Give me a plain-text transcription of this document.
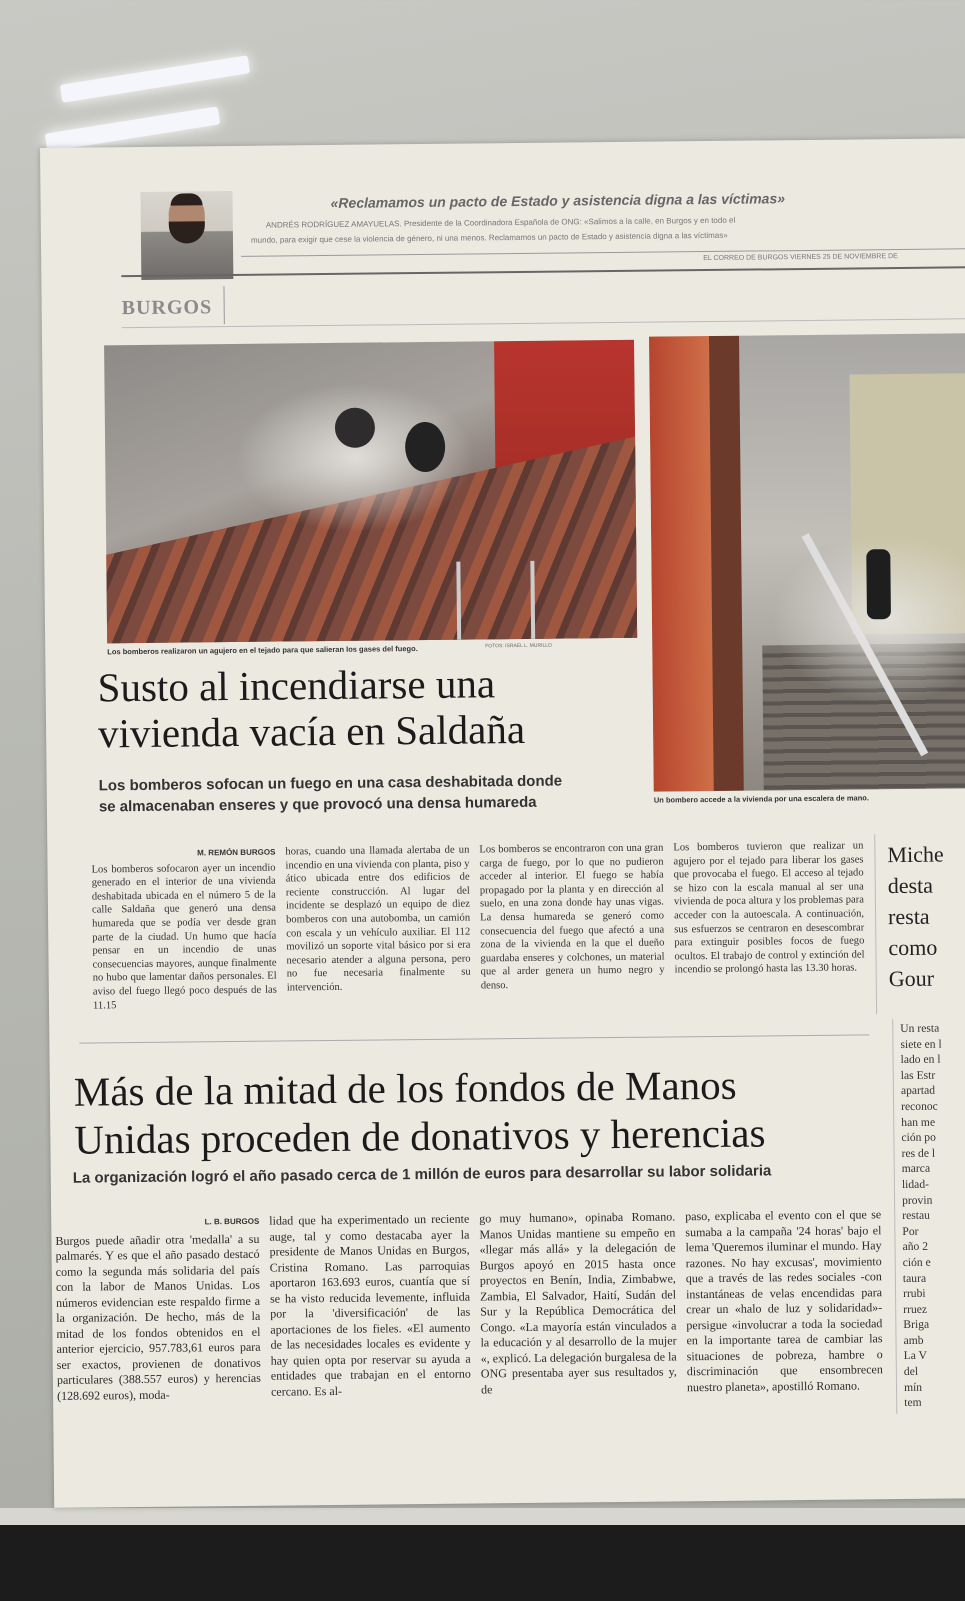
«Reclamamos un pacto de Estado y asistencia digna a las víctimas»
ANDRÉS RODRÍGUEZ AMAYUELAS. Presidente de la Coordinadora Española de ONG: «Salimos a la calle, en Burgos y en todo el
mundo, para exigir que cese la violencia de género, ni una menos. Reclamamos un pacto de Estado y asistencia digna a las víctimas»
EL CORREO DE BURGOS VIERNES 25 DE NOVIEMBRE DE
BURGOS
Los bomberos realizaron un agujero en el tejado para que salieran los gases del fuego.	FOTOS: ISRAEL L. MURILLO
Un bombero accede a la vivienda por una escalera de mano.
Susto al incendiarse una
vivienda vacía en Saldaña
Los bomberos sofocan un fuego en una casa deshabitada donde
se almacenaban enseres y que provocó una densa humareda
M. REMÓN BURGOS
Los bomberos sofocaron ayer un incendio generado en el interior de una vivienda deshabitada ubicada en el número 5 de la calle Saldaña que generó una densa humareda que se podía ver desde gran parte de la ciudad. Un humo que hacía pensar en un incendio de unas consecuencias mayores, aunque finalmente no hubo que lamentar daños personales. El aviso del fuego llegó poco después de las 11.15
horas, cuando una llamada alertaba de un incendio en una vivienda con planta, piso y ático ubicada entre dos edificios de reciente construcción. Al lugar del incidente se desplazó un equipo de diez bomberos con una autobomba, un camión con escala y un vehículo auxiliar. El 112 movilizó un soporte vital básico por si era necesario atender a alguna persona, pero no fue necesaria finalmente su intervención.
Los bomberos se encontraron con una gran carga de fuego, por lo que no pudieron acceder al interior. El fuego se había propagado por la planta y en dirección al suelo, en una zona donde hay unas vigas. La densa humareda se generó como consecuencia del fuego que afectó a una zona de la vivienda en la que el dueño guardaba enseres y colchones, un material que al arder genera un humo negro y denso.
Los bomberos tuvieron que realizar un agujero por el tejado para liberar los gases que provocaba el fuego. El acceso al tejado se hizo con la escala manual al ser una vivienda de poca altura y los problemas para acceder con la autoescala. A continuación, sus esfuerzos se centraron en desescombrar para extinguir posibles focos de fuego ocultos. El trabajo de control y extinción del incendio se prolongó hasta las 13.30 horas.
Miche
desta
resta
como
Gour
Más de la mitad de los fondos de Manos
Unidas proceden de donativos y herencias
La organización logró el año pasado cerca de 1 millón de euros para desarrollar su labor solidaria
L. B. BURGOS
Burgos puede añadir otra 'medalla' a su palmarés. Y es que el año pasado destacó como la segunda más solidaria del país con la labor de Manos Unidas. Los números evidencian este respaldo firme a la organización. De hecho, más de la mitad de los fondos obtenidos en el anterior ejercicio, 957.783,61 euros para ser exactos, provienen de donativos particulares (388.557 euros) y herencias (128.692 euros), moda-
lidad que ha experimentado un reciente auge, tal y como destacaba ayer la presidente de Manos Unidas en Burgos, Cristina Romano. Las parroquias aportaron 163.693 euros, cuantía que sí se ha visto reducida levemente, influida por la 'diversificación' de las aportaciones de los fieles. «El aumento de las necesidades locales es evidente y hay quien opta por reservar su ayuda a entidades que trabajan en el entorno cercano. Es al-
go muy humano», opinaba Romano. Manos Unidas mantiene su empeño en «llegar más allá» y la delegación de Burgos apoyó en 2015 hasta once proyectos en Benín, India, Zimbabwe, Zambia, El Salvador, Haití, Sudán del Sur y la República Democrática del Congo. «La mayoría están vinculados a la educación y al desarrollo de la mujer «, explicó. La delegación burgalesa de la ONG presentaba ayer sus resultados y, de
paso, explicaba el evento con el que se sumaba a la campaña '24 horas' bajo el lema 'Queremos iluminar el mundo. Hay razones. No hay excusas', movimiento que a través de las redes sociales -con instantáneas de velas encendidas para crear un «halo de luz y solidaridad»- persigue «involucrar a toda la sociedad en la importante tarea de cambiar las situaciones de pobreza, hambre o discriminación que ensombrecen nuestro planeta», apostilló Romano.
Un resta
siete en l
lado en l
las Estr
apartad
reconoc
han me
ción po
res de l
marca
lidad-
provin
restau
Por
año 2
ción e
taura
rrubi
rruez
Briga
amb
La V
del
mín
tem
